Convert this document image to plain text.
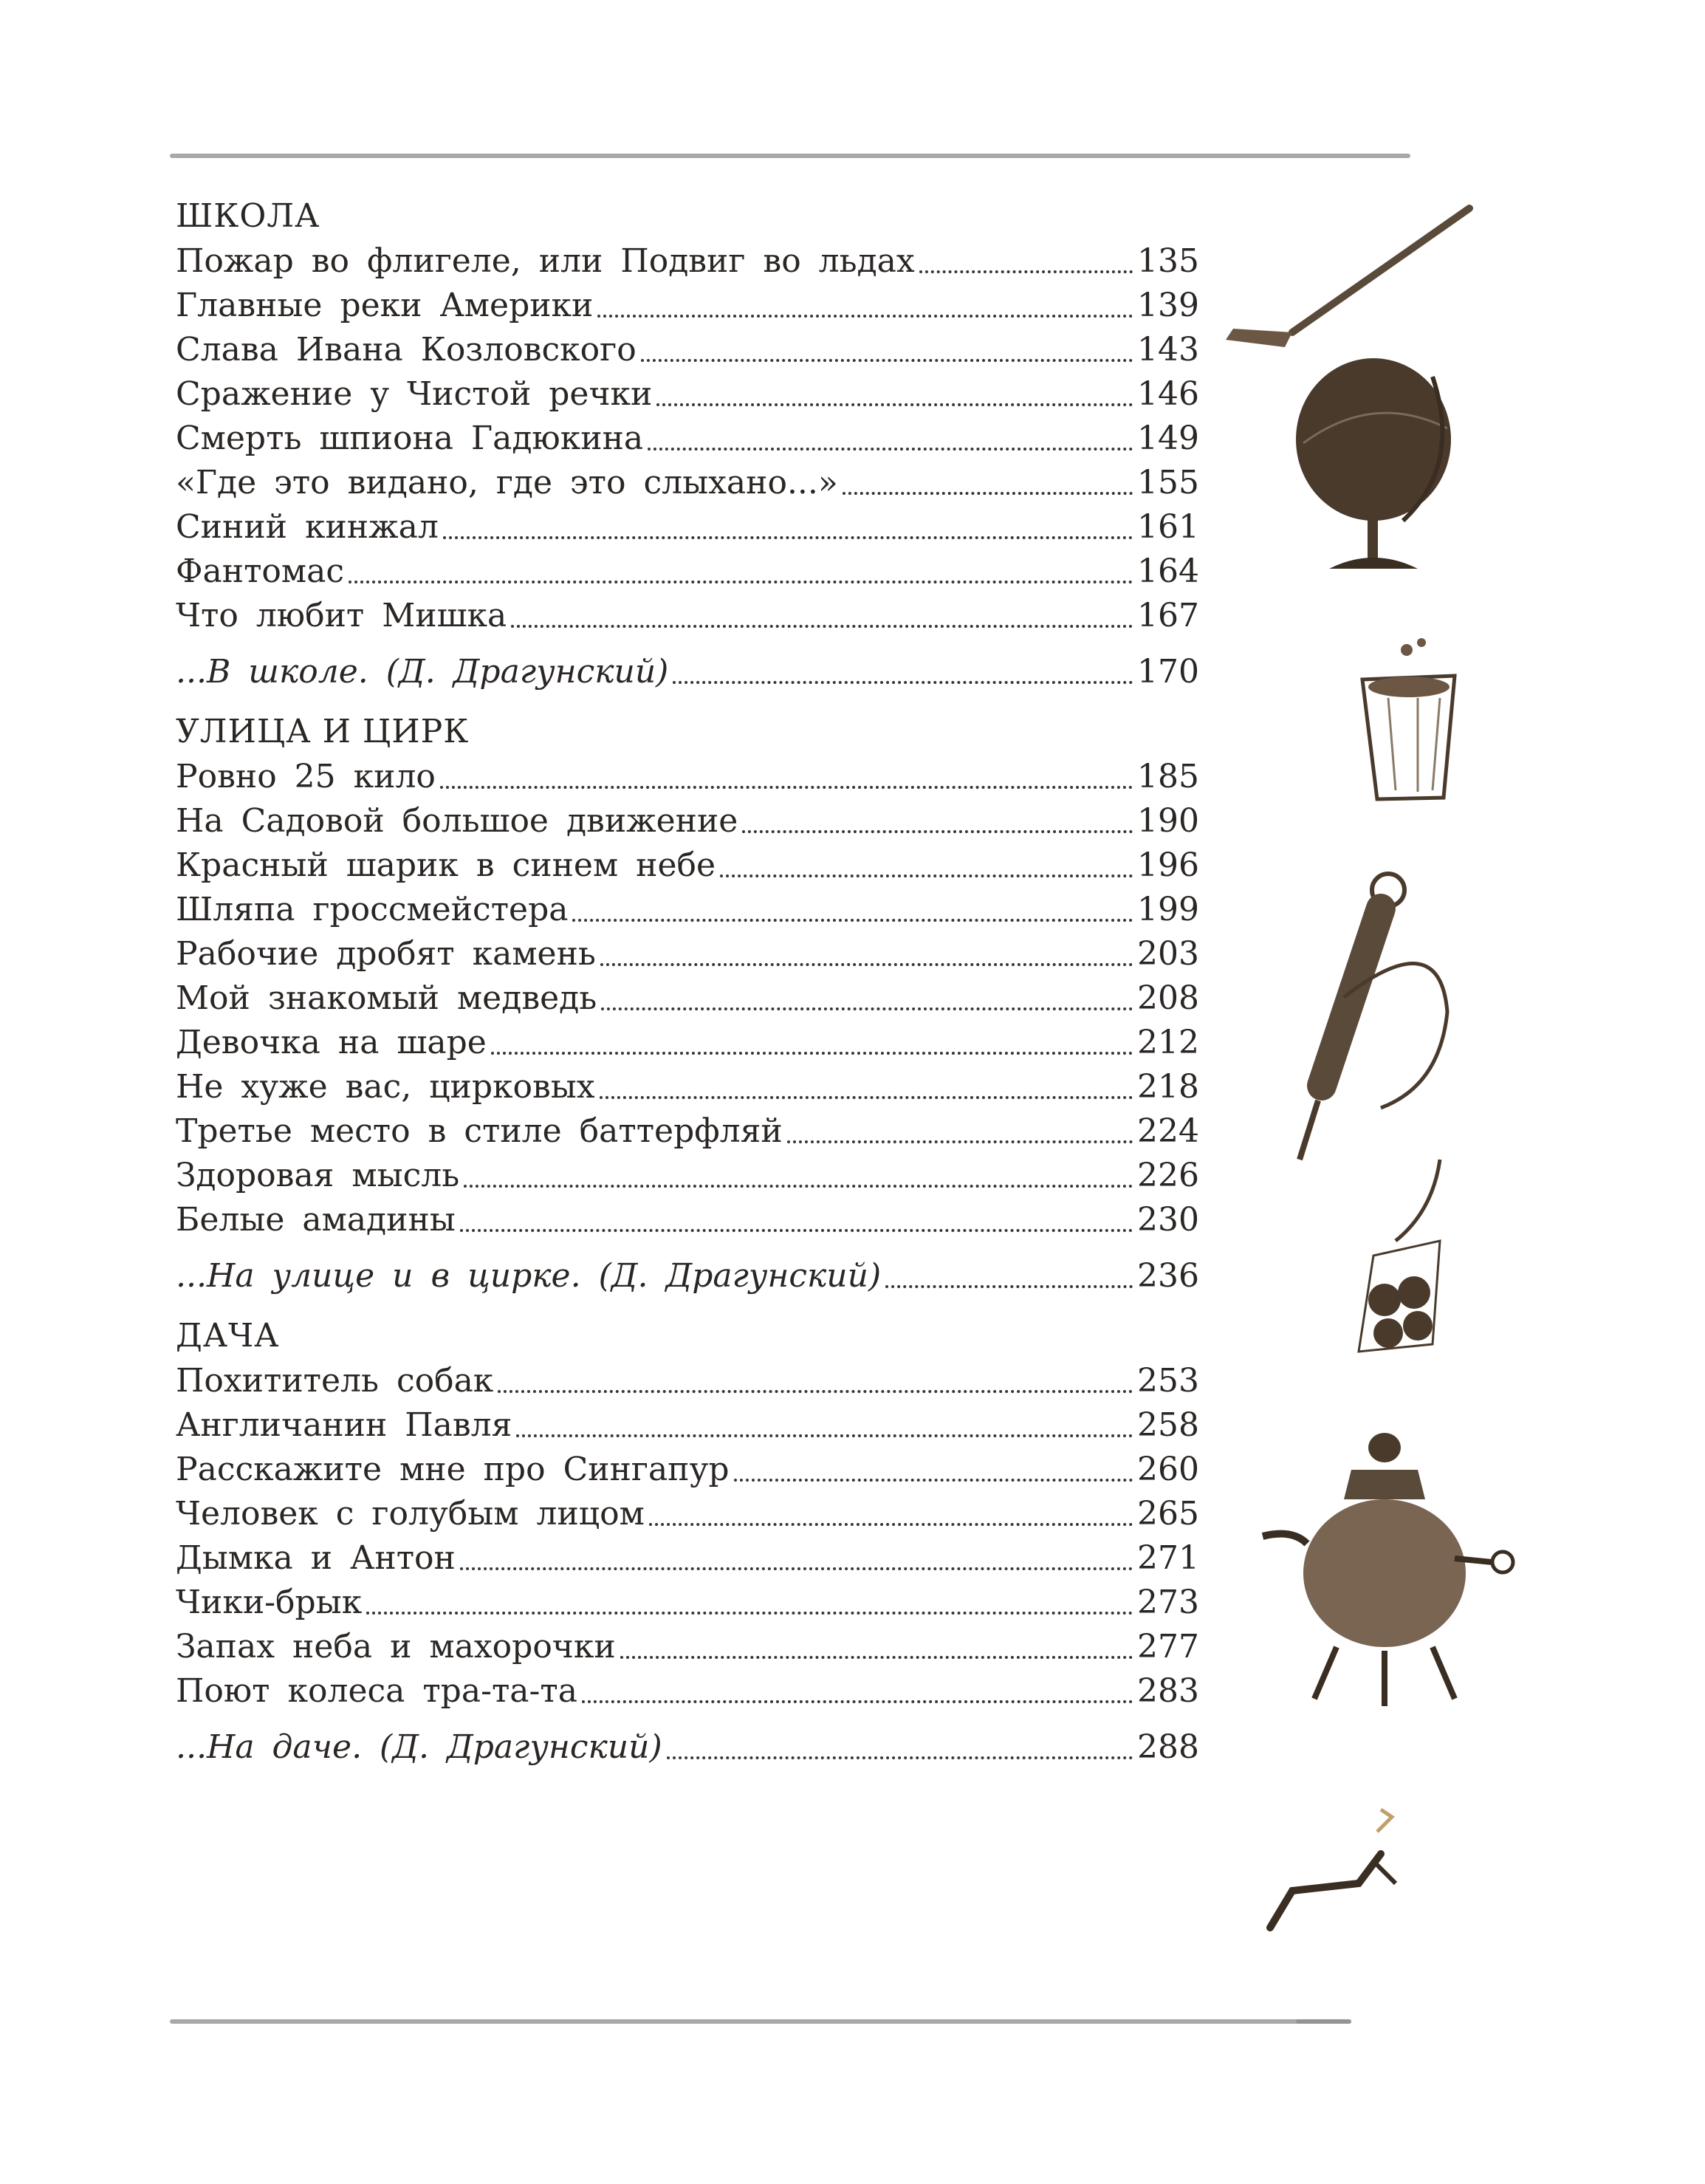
ШКОЛА
Пожар во флигеле, или Подвиг во льдах	135
Главные реки Америки	139
Слава Ивана Козловского	143
Сражение у Чистой речки	146
Смерть шпиона Гадюкина	149
«Где это видано, где это слыхано...»	155
Синий кинжал	161
Фантомас	164
Что любит Мишка	167
...В школе. (Д. Драгунский)	170
УЛИЦА И ЦИРК
Ровно 25 кило	185
На Садовой большое движение	190
Красный шарик в синем небе	196
Шляпа гроссмейстера	199
Рабочие дробят камень	203
Мой знакомый медведь	208
Девочка на шаре	212
Не хуже вас, цирковых	218
Третье место в стиле баттерфляй	224
Здоровая мысль	226
Белые амадины	230
...На улице и в цирке. (Д. Драгунский)	236
ДАЧА
Похититель собак	253
Англичанин Павля	258
Расскажите мне про Сингапур	260
Человек с голубым лицом	265
Дымка и Антон	271
Чики-брык	273
Запах неба и махорочки	277
Поют колеса тра-та-та	283
...На даче. (Д. Драгунский)	288
